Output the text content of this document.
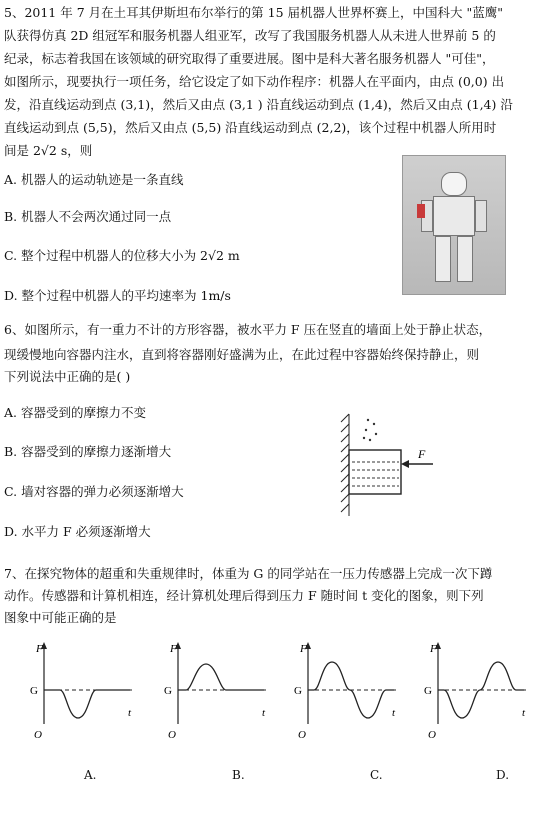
5、2011 年 7 月在土耳其伊斯坦布尔举行的第 15 届机器人世界杯赛上，中国科大 "蓝鹰"
队获得仿真 2D 组冠军和服务机器人组亚军，改写了我国服务机器人从未进人世界前 5 的
纪录，标志着我国在该领域的研究取得了重要进展。图中是科大著名服务机器人 "可佳"，
如图所示，现要执行一项任务，给它设定了如下动作程序：机器人在平面内，由点 (0,0) 出
发，沿直线运动到点 (3,1)，然后又由点 (3,1 ) 沿直线运动到点 (1,4)，然后又由点 (1,4) 沿
直线运动到点 (5,5)，然后又由点 (5,5) 沿直线运动到点 (2,2)，该个过程中机器人所用时
间是 2√2 s，则
A. 机器人的运动轨迹是一条直线
B. 机器人不会两次通过同一点
C. 整个过程中机器人的位移大小为 2√2 m
D. 整个过程中机器人的平均速率为 1m/s
6、如图所示，有一重力不计的方形容器，被水平力 F 压在竖直的墙面上处于静止状态，
现缓慢地向容器内注水，直到将容器刚好盛满为止，在此过程中容器始终保持静止，则
下列说法中正确的是( )
A. 容器受到的摩擦力不变
B. 容器受到的摩擦力逐渐增大
C. 墙对容器的弹力必须逐渐增大
D. 水平力 F 必须逐渐增大
F
7、在探究物体的超重和失重规律时，体重为 G 的同学站在一压力传感器上完成一次下蹲
动作。传感器和计算机相连，经计算机处理后得到压力 F 随时间 t 变化的图象，则下列
图象中可能正确的是
F
G
t
O
A.
F
G
t
O
B.
F
G
t
O
C.
F
G
t
O
D.
